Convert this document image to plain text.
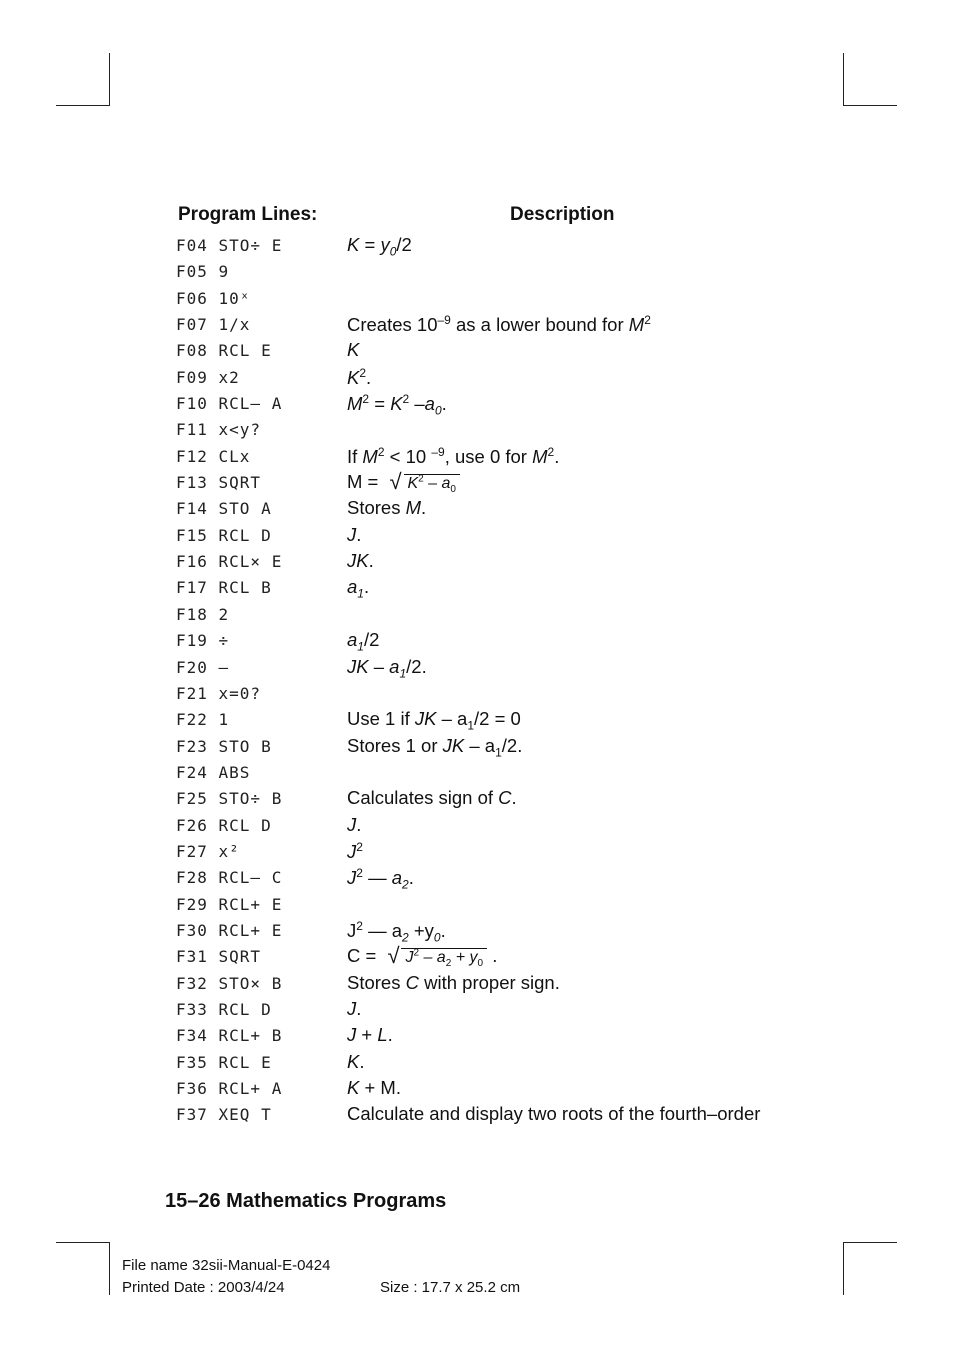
Program Lines:	Description
F04 STO÷ E	$K = y_0/2$
F05 9
F06 10ˣ
F07 1/x	Creates $10^{-9}$ as a lower bound for $M^2$
F08 RCL E	K
F09 x2	$K^2$.
F10 RCL– A	$M^2 = K^2$ $-a_0$.
F11 x<y?
F12 CLx	If $M^2 < 10$ $^{-9}$, use 0 for $M^2$.
F13 SQRT	M = √ $K^2 - a_0$
F14 STO A	Stores M.
F15 RCL D	J.
F16 RCL× E	JK.
F17 RCL B	$a_1$.
F18 2
F19 ÷	$a_1/2$
F20 –	JK – $a_1/2$.
F21 x=0?
F22 1	Use 1 if JK – $a_1/2 = 0$
F23 STO B	Stores 1 or JK – $a_1/2$.
F24 ABS
F25 STO÷ B	Calculates sign of C.
F26 RCL D	J.
F27 x²	$J^2$
F28 RCL– C	$J^2$ — $a_2$.
F29 RCL+ E
F30 RCL+ E	$J^2$ — $a_2 +y_0$.
F31 SQRT	C = √ $J^2 - a_2 + y_0$ .
F32 STO× B	Stores C with proper sign.
F33 RCL D	J.
F34 RCL+ B	J + L.
F35 RCL E	K.
F36 RCL+ A	K + M.
F37 XEQ T	Calculate and display two roots of the fourth–order
15–26 Mathematics Programs
File name 32sii-Manual-E-0424
Printed Date : 2003/4/24	Size : 17.7 x 25.2 cm
